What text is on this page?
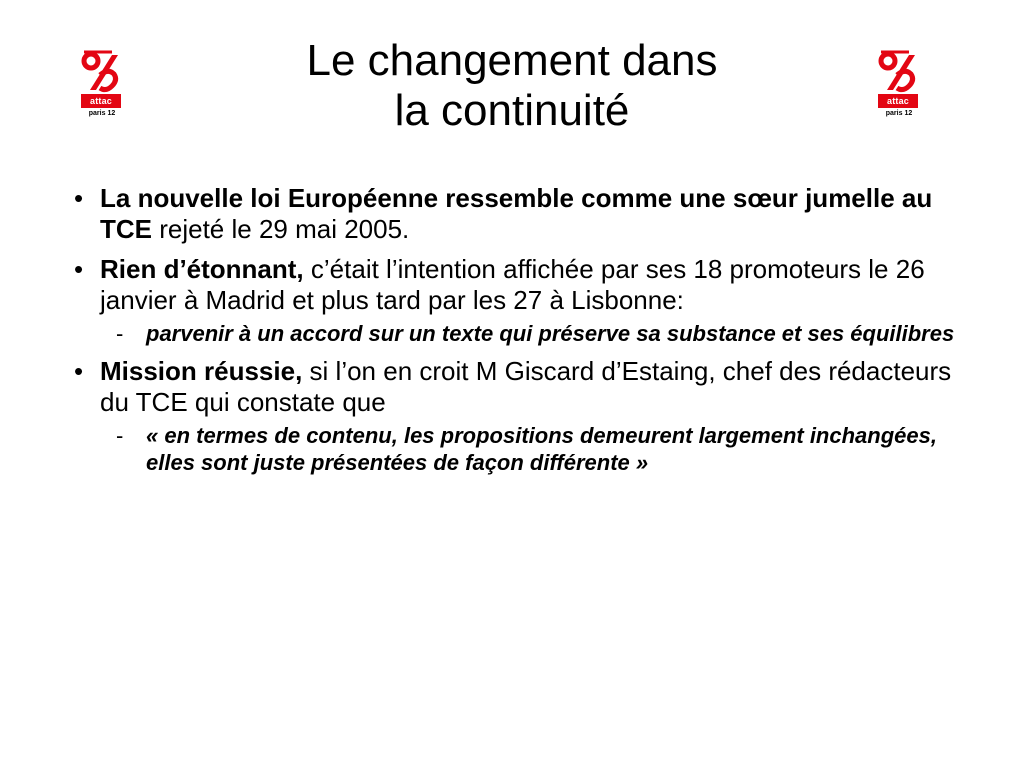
attac
paris 12
attac
paris 12
Le changement dans
la continuité
• La nouvelle loi Européenne ressemble comme une sœur jumelle au TCE rejeté le 29 mai 2005.
• Rien d’étonnant, c’était l’intention affichée par ses 18 promoteurs le 26 janvier à Madrid et plus tard par les 27 à Lisbonne:
- parvenir à un accord sur un texte qui préserve sa substance et ses équilibres
• Mission réussie, si l’on en croit M Giscard d’Estaing, chef des rédacteurs du TCE qui constate que
- « en termes de contenu, les propositions demeurent largement inchangées, elles sont juste présentées de façon différente »
